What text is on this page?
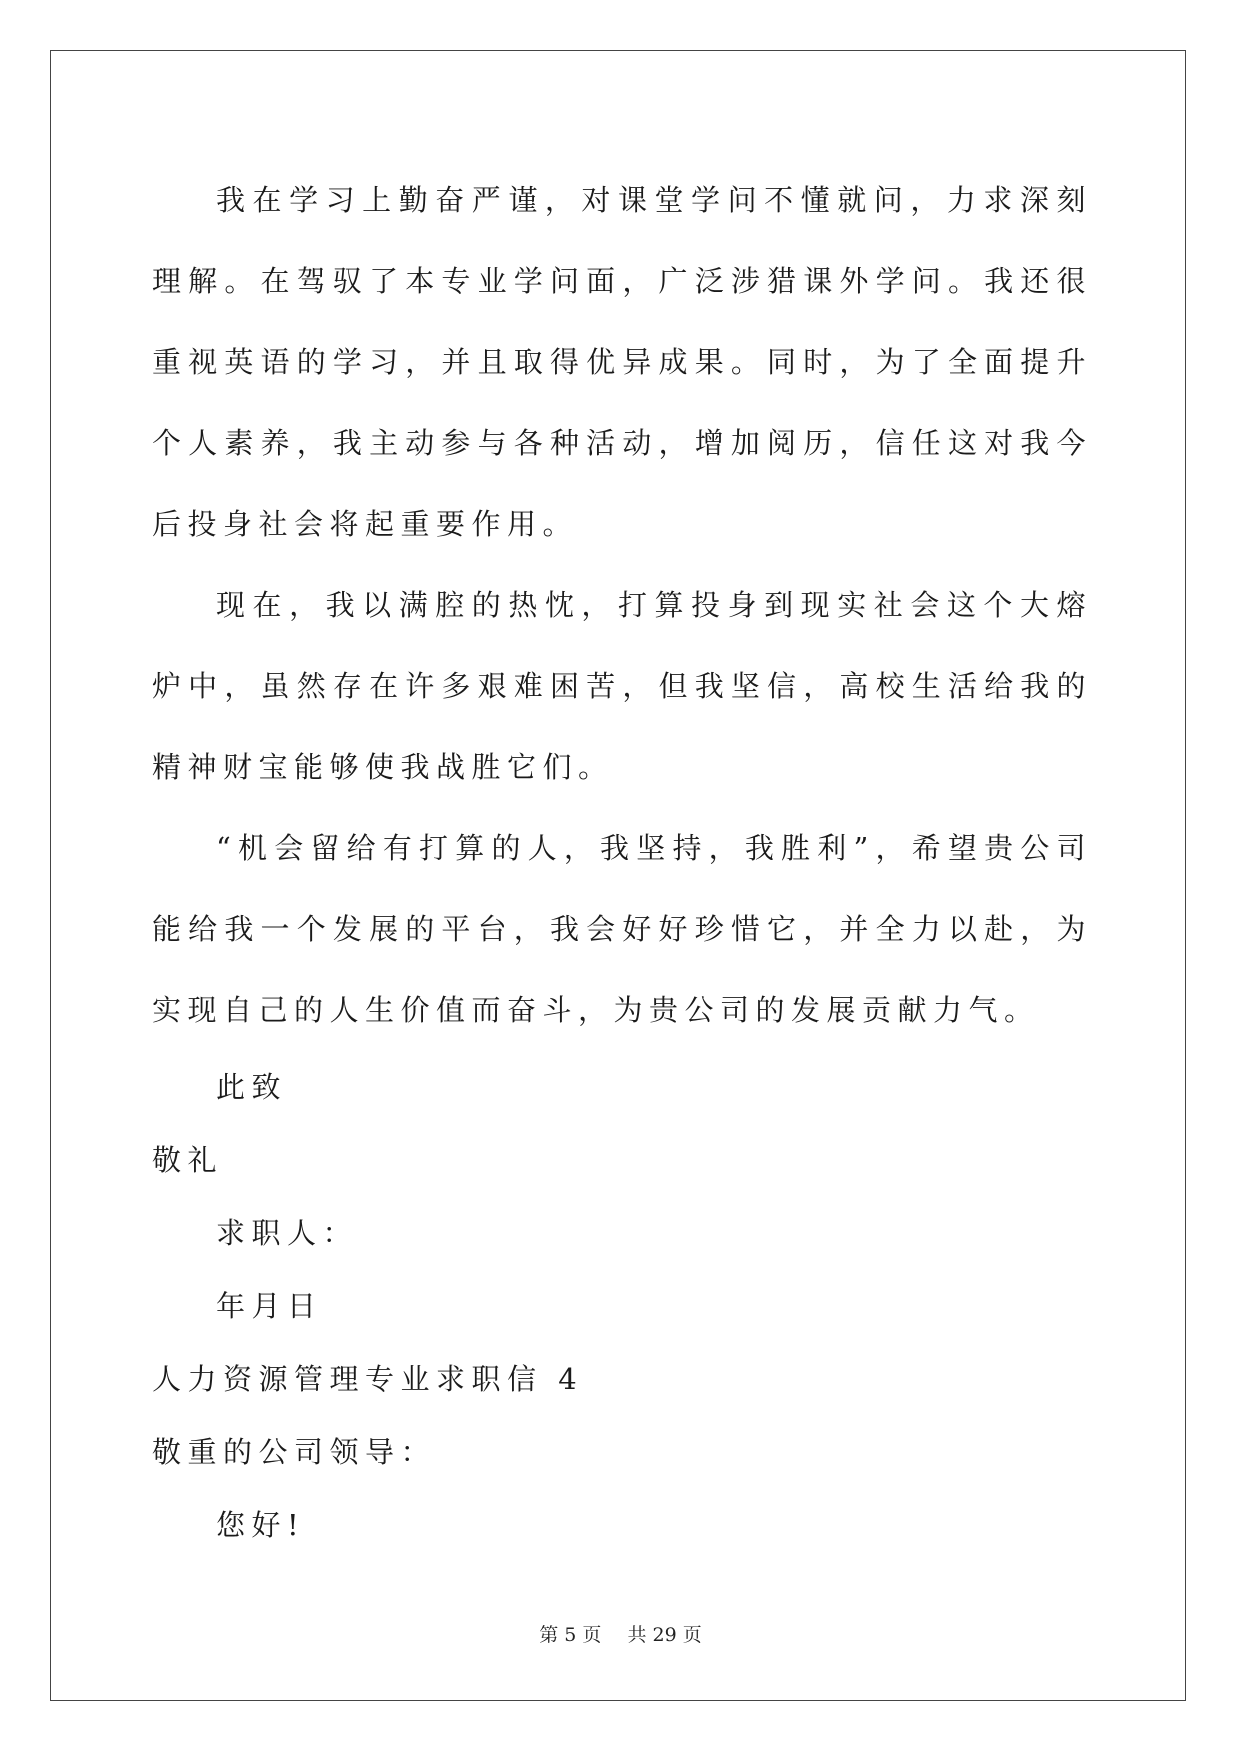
我在学习上勤奋严谨，对课堂学问不懂就问，力求深刻理解。在驾驭了本专业学问面，广泛涉猎课外学问。我还很重视英语的学习，并且取得优异成果。同时，为了全面提升个人素养，我主动参与各种活动，增加阅历，信任这对我今后投身社会将起重要作用。

现在，我以满腔的热忱，打算投身到现实社会这个大熔炉中，虽然存在许多艰难困苦，但我坚信，高校生活给我的精神财宝能够使我战胜它们。

“机会留给有打算的人，我坚持，我胜利”，希望贵公司能给我一个发展的平台，我会好好珍惜它，并全力以赴，为实现自己的人生价值而奋斗，为贵公司的发展贡献力气。

此致

敬礼

求职人：

年月日

人力资源管理专业求职信 4

敬重的公司领导：

您好!

第 5 页 共 29 页
